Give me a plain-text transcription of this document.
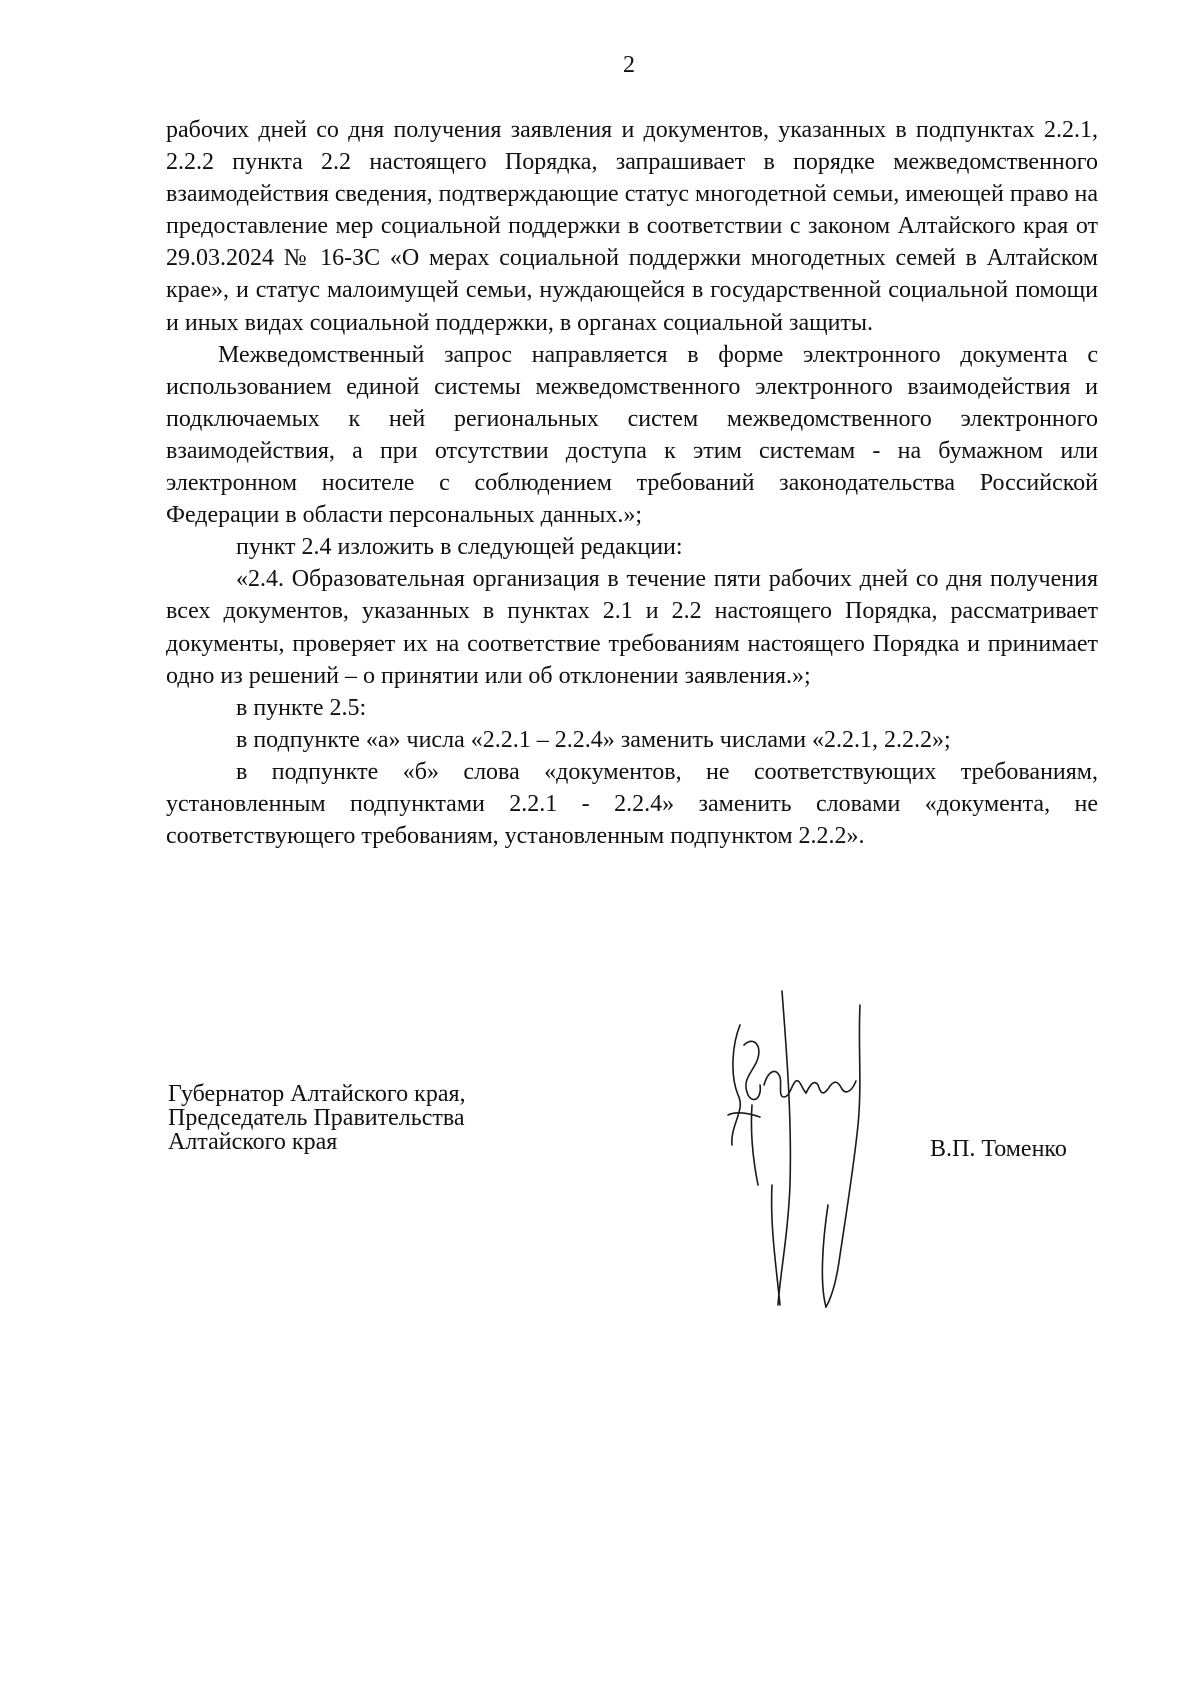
2

рабочих дней со дня получения заявления и документов, указанных в подпунктах 2.2.1, 2.2.2 пункта 2.2 настоящего Порядка, запрашивает в порядке межведомственного взаимодействия сведения, подтверждающие статус многодетной семьи, имеющей право на предоставление мер социальной поддержки в соответствии с законом Алтайского края от 29.03.2024 № 16-ЗС «О мерах социальной поддержки многодетных семей в Алтайском крае», и статус малоимущей семьи, нуждающейся в государственной социальной помощи и иных видах социальной поддержки, в органах социальной защиты.

Межведомственный запрос направляется в форме электронного документа с использованием единой системы межведомственного электронного взаимодействия и подключаемых к ней региональных систем межведомственного электронного взаимодействия, а при отсутствии доступа к этим системам - на бумажном или электронном носителе с соблюдением требований законодательства Российской Федерации в области персональных данных.»;

пункт 2.4 изложить в следующей редакции:

«2.4. Образовательная организация в течение пяти рабочих дней со дня получения всех документов, указанных в пунктах 2.1 и 2.2 настоящего Порядка, рассматривает документы, проверяет их на соответствие требованиям настоящего Порядка и принимает одно из решений – о принятии или об отклонении заявления.»;

в пункте 2.5:

в подпункте «а» числа «2.2.1 – 2.2.4» заменить числами «2.2.1, 2.2.2»;

в подпункте «б» слова «документов, не соответствующих требованиям, установленным подпунктами 2.2.1 - 2.2.4» заменить словами «документа, не соответствующего требованиям, установленным подпунктом 2.2.2».

Губернатор Алтайского края,
Председатель Правительства
Алтайского края	В.П. Томенко
